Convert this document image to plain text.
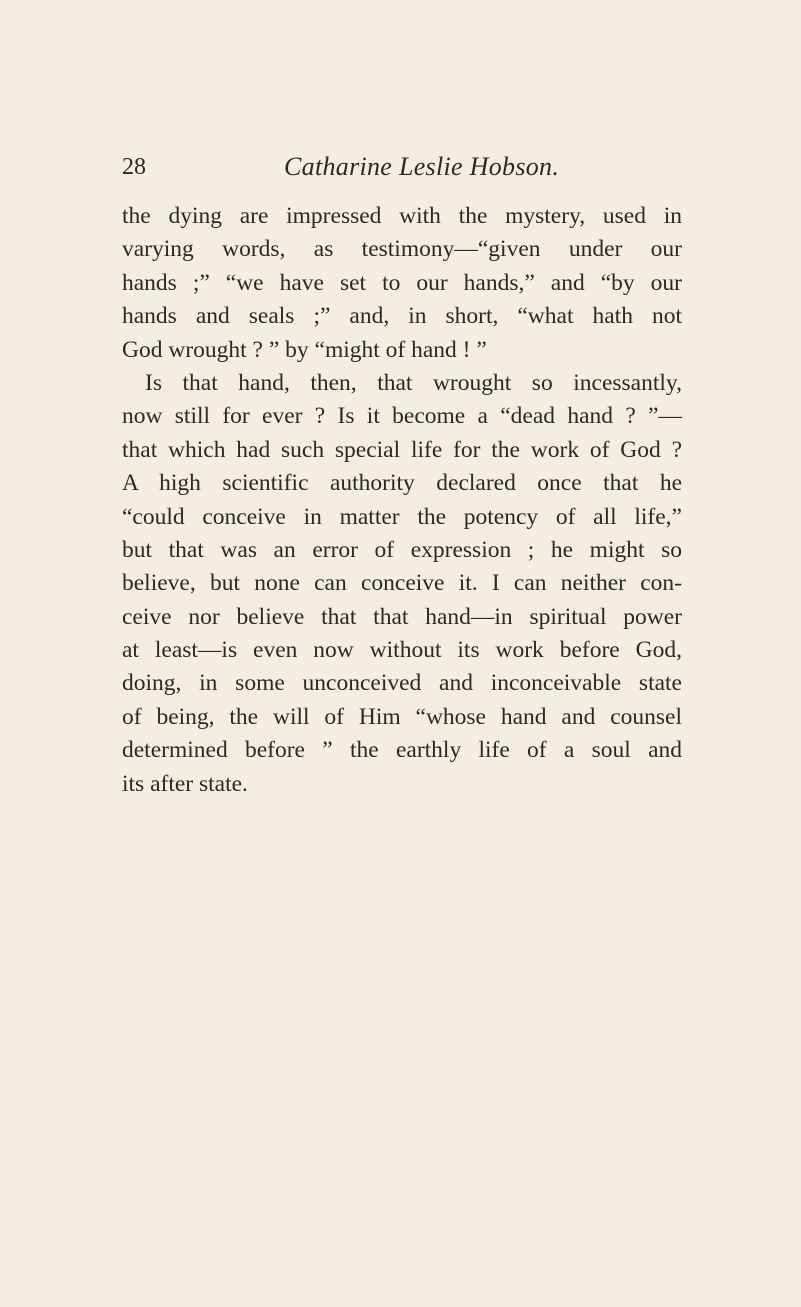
28	Catharine Leslie Hobson.
the dying are impressed with the mystery, used in
varying words, as testimony—“given under our
hands ;” “we have set to our hands,” and “by our
hands and seals ;” and, in short, “what hath not
God wrought ? ” by “might of hand ! ”
Is that hand, then, that wrought so incessantly,
now still for ever ? Is it become a “dead hand ? ”—
that which had such special life for the work of God ?
A high scientific authority declared once that he
“could conceive in matter the potency of all life,”
but that was an error of expression ; he might so
believe, but none can conceive it. I can neither con-
ceive nor believe that that hand—in spiritual power
at least—is even now without its work before God,
doing, in some unconceived and inconceivable state
of being, the will of Him “whose hand and counsel
determined before ” the earthly life of a soul and
its after state.
